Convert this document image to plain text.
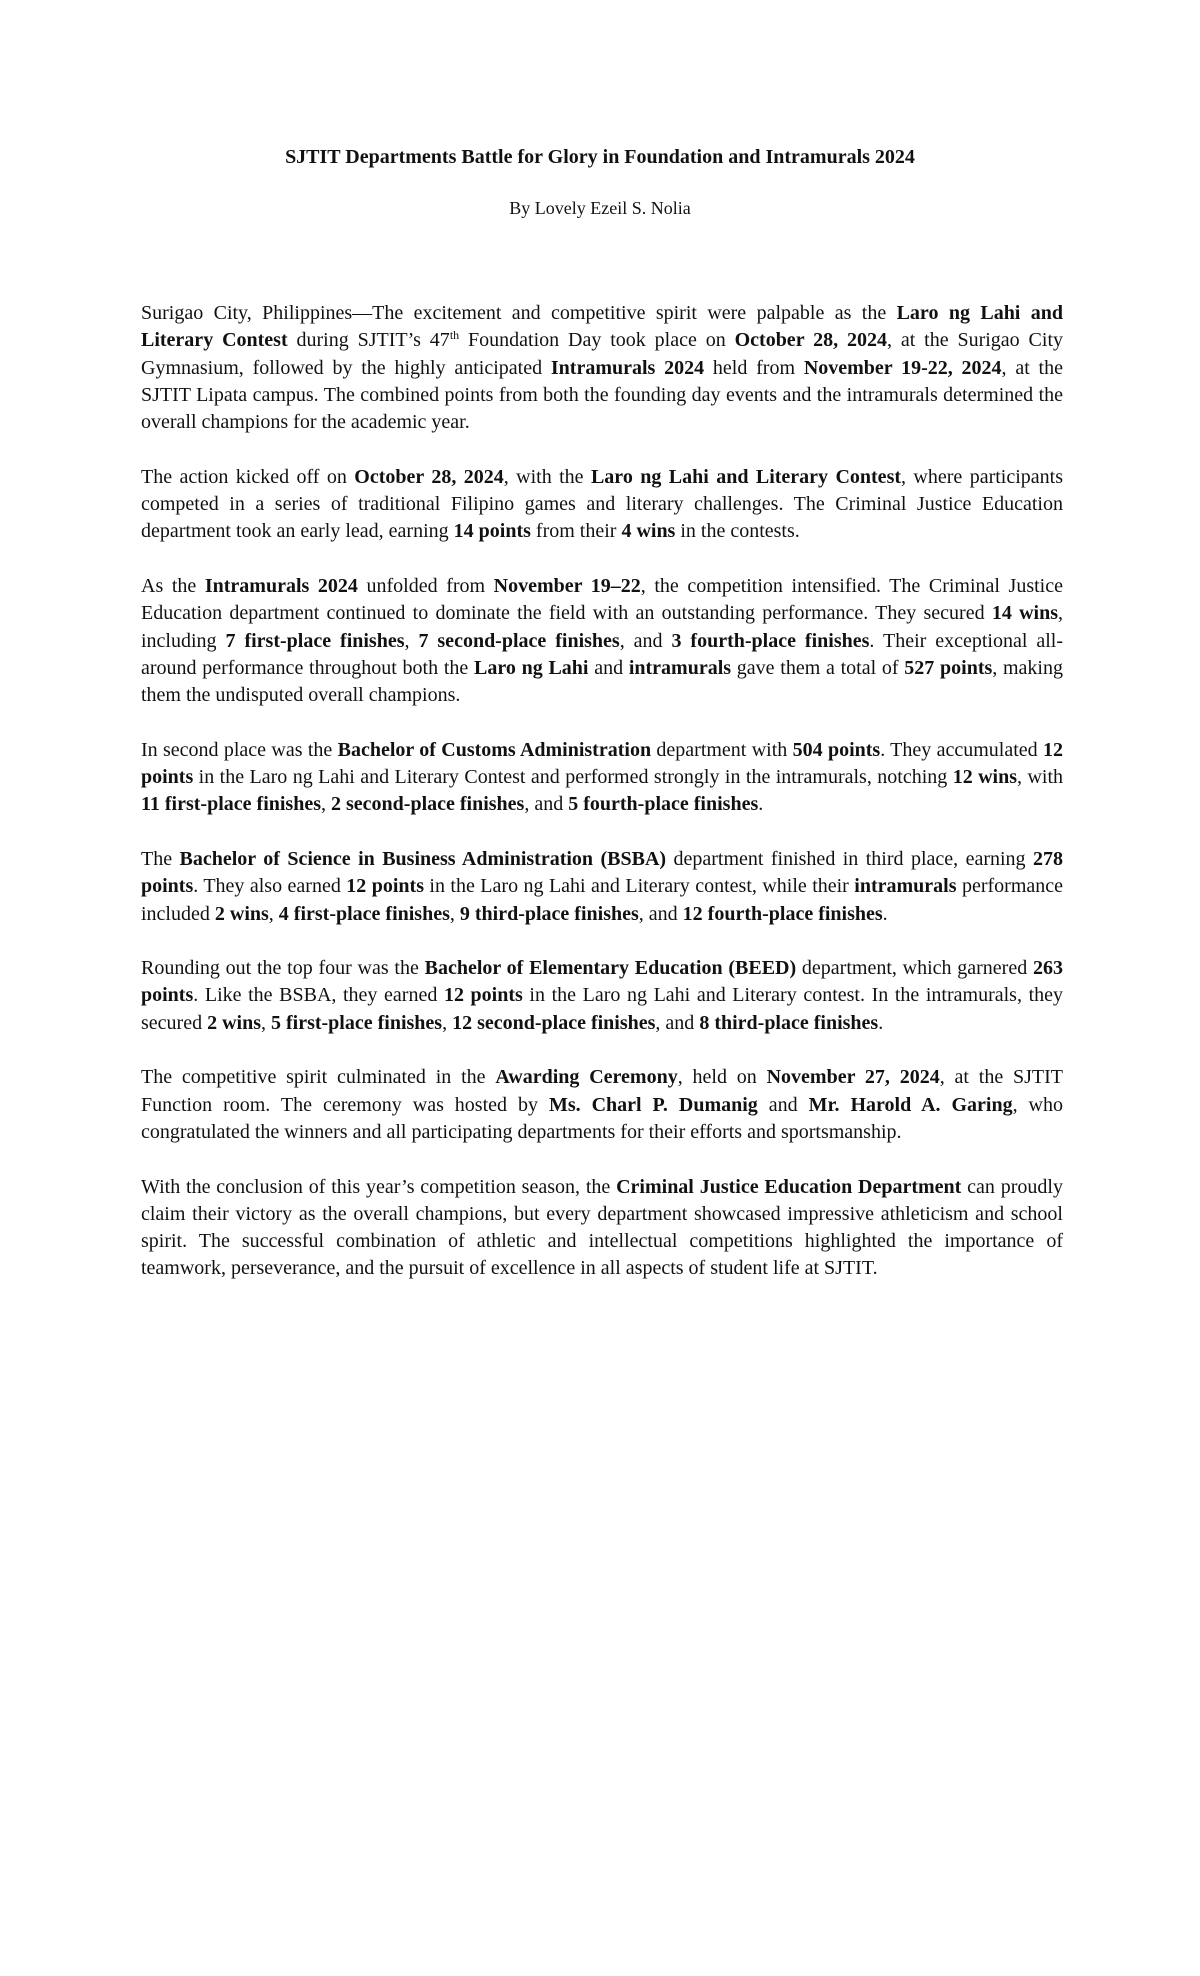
SJTIT Departments Battle for Glory in Foundation and Intramurals 2024
By Lovely Ezeil S. Nolia

Surigao City, Philippines—The excitement and competitive spirit were palpable as the Laro ng Lahi and Literary Contest during SJTIT’s 47th Foundation Day took place on October 28, 2024, at the Surigao City Gymnasium, followed by the highly anticipated Intramurals 2024 held from November 19-22, 2024, at the SJTIT Lipata campus. The combined points from both the founding day events and the intramurals determined the overall champions for the academic year.

The action kicked off on October 28, 2024, with the Laro ng Lahi and Literary Contest, where participants competed in a series of traditional Filipino games and literary challenges. The Criminal Justice Education department took an early lead, earning 14 points from their 4 wins in the contests.

As the Intramurals 2024 unfolded from November 19–22, the competition intensified. The Criminal Justice Education department continued to dominate the field with an outstanding performance. They secured 14 wins, including 7 first-place finishes, 7 second-place finishes, and 3 fourth-place finishes. Their exceptional all-around performance throughout both the Laro ng Lahi and intramurals gave them a total of 527 points, making them the undisputed overall champions.

In second place was the Bachelor of Customs Administration department with 504 points. They accumulated 12 points in the Laro ng Lahi and Literary Contest and performed strongly in the intramurals, notching 12 wins, with 11 first-place finishes, 2 second-place finishes, and 5 fourth-place finishes.

The Bachelor of Science in Business Administration (BSBA) department finished in third place, earning 278 points. They also earned 12 points in the Laro ng Lahi and Literary contest, while their intramurals performance included 2 wins, 4 first-place finishes, 9 third-place finishes, and 12 fourth-place finishes.

Rounding out the top four was the Bachelor of Elementary Education (BEED) department, which garnered 263 points. Like the BSBA, they earned 12 points in the Laro ng Lahi and Literary contest. In the intramurals, they secured 2 wins, 5 first-place finishes, 12 second-place finishes, and 8 third-place finishes.

The competitive spirit culminated in the Awarding Ceremony, held on November 27, 2024, at the SJTIT Function room. The ceremony was hosted by Ms. Charl P. Dumanig and Mr. Harold A. Garing, who congratulated the winners and all participating departments for their efforts and sportsmanship.

With the conclusion of this year’s competition season, the Criminal Justice Education Department can proudly claim their victory as the overall champions, but every department showcased impressive athleticism and school spirit. The successful combination of athletic and intellectual competitions highlighted the importance of teamwork, perseverance, and the pursuit of excellence in all aspects of student life at SJTIT.
